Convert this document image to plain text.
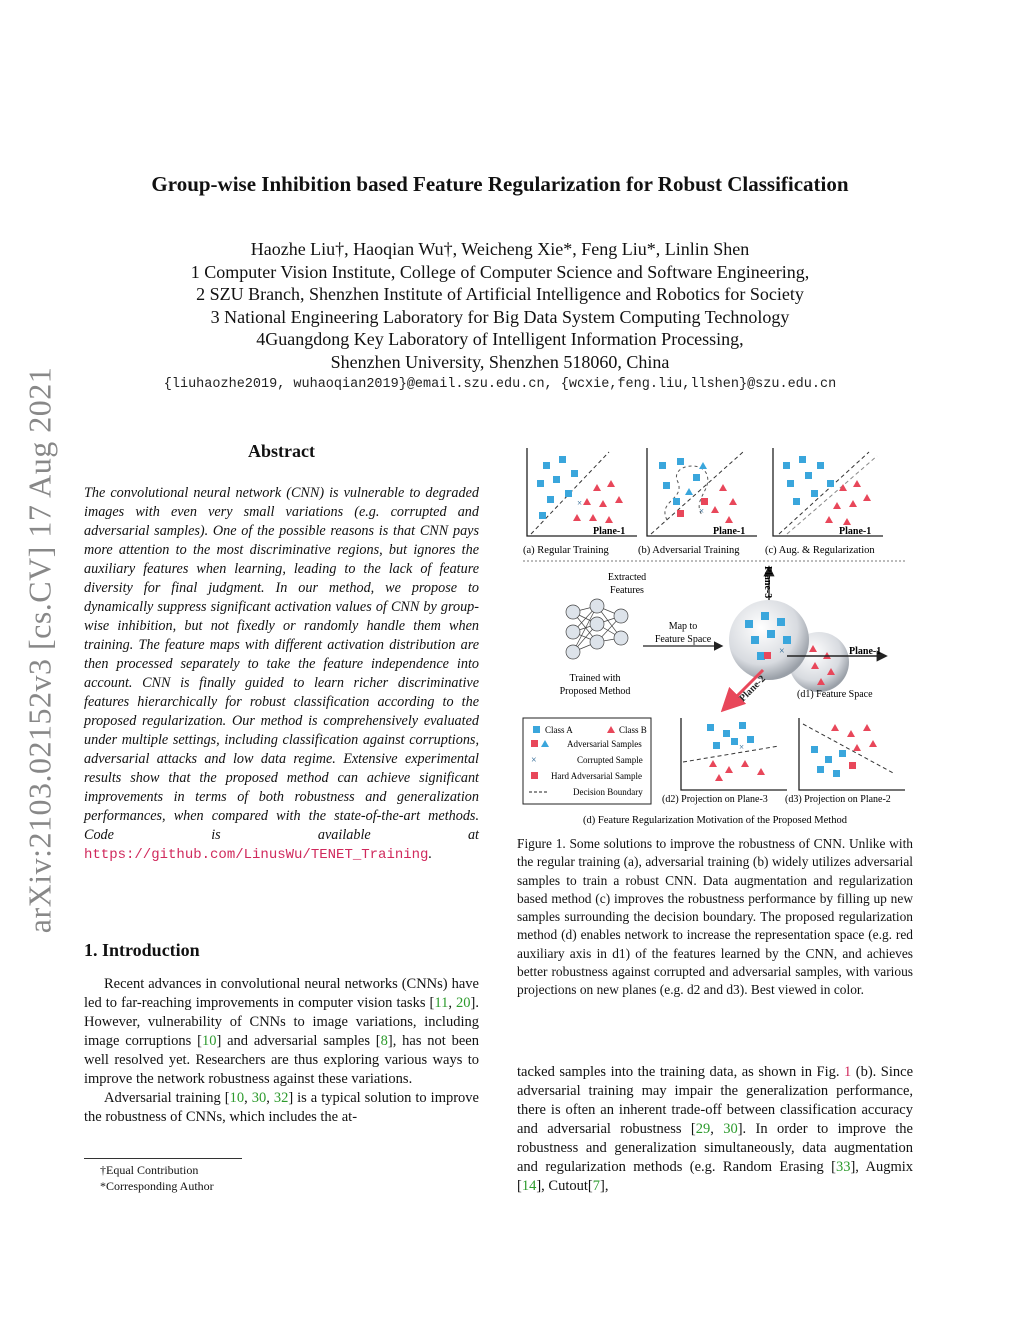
arXiv:2103.02152v3 [cs.CV] 17 Aug 2021
Group-wise Inhibition based Feature Regularization for Robust Classification
Haozhe Liu†, Haoqian Wu†, Weicheng Xie*, Feng Liu*, Linlin Shen
1 Computer Vision Institute, College of Computer Science and Software Engineering,
2 SZU Branch, Shenzhen Institute of Artificial Intelligence and Robotics for Society
3 National Engineering Laboratory for Big Data System Computing Technology
4Guangdong Key Laboratory of Intelligent Information Processing,
Shenzhen University, Shenzhen 518060, China
{liuhaozhe2019, wuhaoqian2019}@email.szu.edu.cn, {wcxie,feng.liu,llshen}@szu.edu.cn
Abstract
The convolutional neural network (CNN) is vulnerable to degraded images with even very small variations (e.g. corrupted and adversarial samples). One of the possible reasons is that CNN pays more attention to the most discriminative regions, but ignores the auxiliary features when learning, leading to the lack of feature diversity for final judgment. In our method, we propose to dynamically suppress significant activation values of CNN by group-wise inhibition, but not fixedly or randomly handle them when training. The feature maps with different activation distribution are then processed separately to take the feature independence into account. CNN is finally guided to learn richer discriminative features hierarchically for robust classification according to the proposed regularization. Our method is comprehensively evaluated under multiple settings, including classification against corruptions, adversarial attacks and low data regime. Extensive experimental results show that the proposed method can achieve significant improvements in terms of both robustness and generalization performances, when compared with the state-of-the-art methods. Code is available at https://github.com/LinusWu/TENET_Training.
1. Introduction

Recent advances in convolutional neural networks (CNNs) have led to far-reaching improvements in computer vision tasks [11, 20]. However, vulnerability of CNNs to image variations, including image corruptions [10] and adversarial samples [8], has not been well resolved yet. Researchers are thus exploring various ways to improve the network robustness against these variations.

Adversarial training [10, 30, 32] is a typical solution to improve the robustness of CNNs, which includes the at-

†Equal Contribution
*Corresponding Author
×
Plane-1
(a) Regular Training
×
Plane-1
(b) Adversarial Training
Plane-1
(c) Aug. & Regularization
Extracted
Features
Trained with
Proposed Method
Map to
Feature Space
×	Plane-1
Plane-3
Plane-2	(d1) Feature Space
Class A	Class B
Adversarial Samples
×	Corrupted Sample
Hard Adversarial Sample
Decision Boundary
×
(d2) Projection on Plane-3 (d3) Projection on Plane-2
(d) Feature Regularization Motivation of the Proposed Method
Figure 1. Some solutions to improve the robustness of CNN. Unlike with the regular training (a), adversarial training (b) widely utilizes adversarial samples to train a robust CNN. Data augmentation and regularization based method (c) improves the robustness performance by filling up new samples surrounding the decision boundary. The proposed regularization method (d) enables network to increase the representation space (e.g. red auxiliary axis in d1) of the features learned by the CNN, and achieves better robustness against corrupted and adversarial samples, with various projections on new planes (e.g. d2 and d3). Best viewed in color.
tacked samples into the training data, as shown in Fig. 1 (b). Since adversarial training may impair the generalization performance, there is often an inherent trade-off between classification accuracy and adversarial robustness [29, 30]. In order to improve the robustness and generalization simultaneously, data augmentation and regularization methods (e.g. Random Erasing [33], Augmix [14], Cutout[7],
